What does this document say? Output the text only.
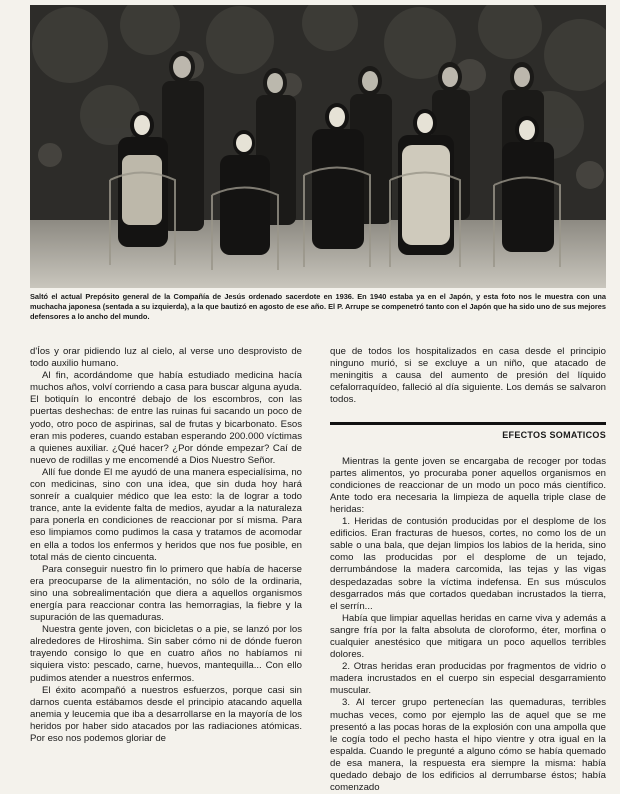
Saltó el actual Prepósito general de la Compañía de Jesús ordenado sacerdote en 1936. En 1940 estaba ya en el Japón, y esta foto nos le muestra con una muchacha japonesa (sentada a su izquierda), a la que bautizó en agosto de ese año. El P. Arrupe se compenetró tanto con el Japón que ha sido uno de sus mejores defensores a lo ancho del mundo.

d'Íos y orar pidiendo luz al cielo, al verse uno desprovisto de todo auxilio humano.

Al fin, acordándome que había estudiado medicina hacía muchos años, volví corriendo a casa para buscar alguna ayuda. El botiquín lo encontré debajo de los escombros, con las puertas deshechas: de entre las ruinas fui sacando un poco de yodo, otro poco de aspirinas, sal de frutas y bicarbonato. Esos eran mis poderes, cuando estaban esperando 200.000 víctimas a quienes auxiliar. ¿Qué hacer? ¿Por dónde empezar? Caí de nuevo de rodillas y me encomendé a Dios Nuestro Señor.

Allí fue donde El me ayudó de una manera especialísima, no con medicinas, sino con una idea, que sin duda hoy hará sonreír a cualquier médico que lea esto: la de lograr a todo trance, ante la evidente falta de medios, ayudar a la naturaleza para ponerla en condiciones de reaccionar por sí misma. Para eso limpiamos como pudimos la casa y tratamos de acomodar en ella a todos los enfermos y heridos que nos fue posible, en total más de ciento cincuenta.

Para conseguir nuestro fin lo primero que había de hacerse era preocuparse de la alimentación, no sólo de la ordinaria, sino una sobrealimentación que diera a aquellos organismos energía para reaccionar contra las hemorragias, la fiebre y la supuración de las quemaduras.

Nuestra gente joven, con bicicletas o a pie, se lanzó por los alrededores de Hiroshima. Sin saber cómo ni de dónde fueron trayendo consigo lo que en cuatro años no habíamos ni siquiera visto: pescado, carne, huevos, mantequilla... Con ello pudimos atender a nuestros enfermos.

El éxito acompañó a nuestros esfuerzos, porque casi sin darnos cuenta estábamos desde el principio atacando aquella anemia y leucemia que iba a desarrollarse en la mayoría de los heridos por haber sido atacados por las radiaciones atómicas. Por eso nos podemos gloriar de

que de todos los hospitalizados en casa desde el principio ninguno murió, si se excluye a un niño, que atacado de meningitis a causa del aumento de presión del líquido cefalorraquídeo, falleció al día siguiente. Los demás se salvaron todos.

EFECTOS SOMATICOS

Mientras la gente joven se encargaba de recoger por todas partes alimentos, yo procuraba poner aquellos organismos en condiciones de reaccionar de un modo un poco más científico. Ante todo era necesaria la limpieza de aquella triple clase de heridas:

1. Heridas de contusión producidas por el desplome de los edificios. Eran fracturas de huesos, cortes, no como los de un sable o una bala, que dejan limpios los labios de la herida, sino como las producidas por el desplome de un tejado, derrumbándose la madera carcomida, las tejas y las vigas despedazadas sobre la víctima indefensa. En sus músculos desgarrados más que cortados quedaban incrustados la tierra, el serrín...

Había que limpiar aquellas heridas en carne viva y además a sangre fría por la falta absoluta de cloroformo, éter, morfina o cualquier anestésico que mitigara un poco aquellos terribles dolores.

2. Otras heridas eran producidas por fragmentos de vidrio o madera incrustados en el cuerpo sin especial desgarramiento muscular.

3. Al tercer grupo pertenecían las quemaduras, terribles muchas veces, como por ejemplo las de aquel que se me presentó a las pocas horas de la explosión con una ampolla que le cogía todo el pecho hasta el hipo vientre y otra igual en la espalda. Cuando le pregunté a alguno cómo se había quemado de esa manera, la respuesta era siempre la misma: había quedado debajo de los edificios al derrumbarse éstos; había comenzado
